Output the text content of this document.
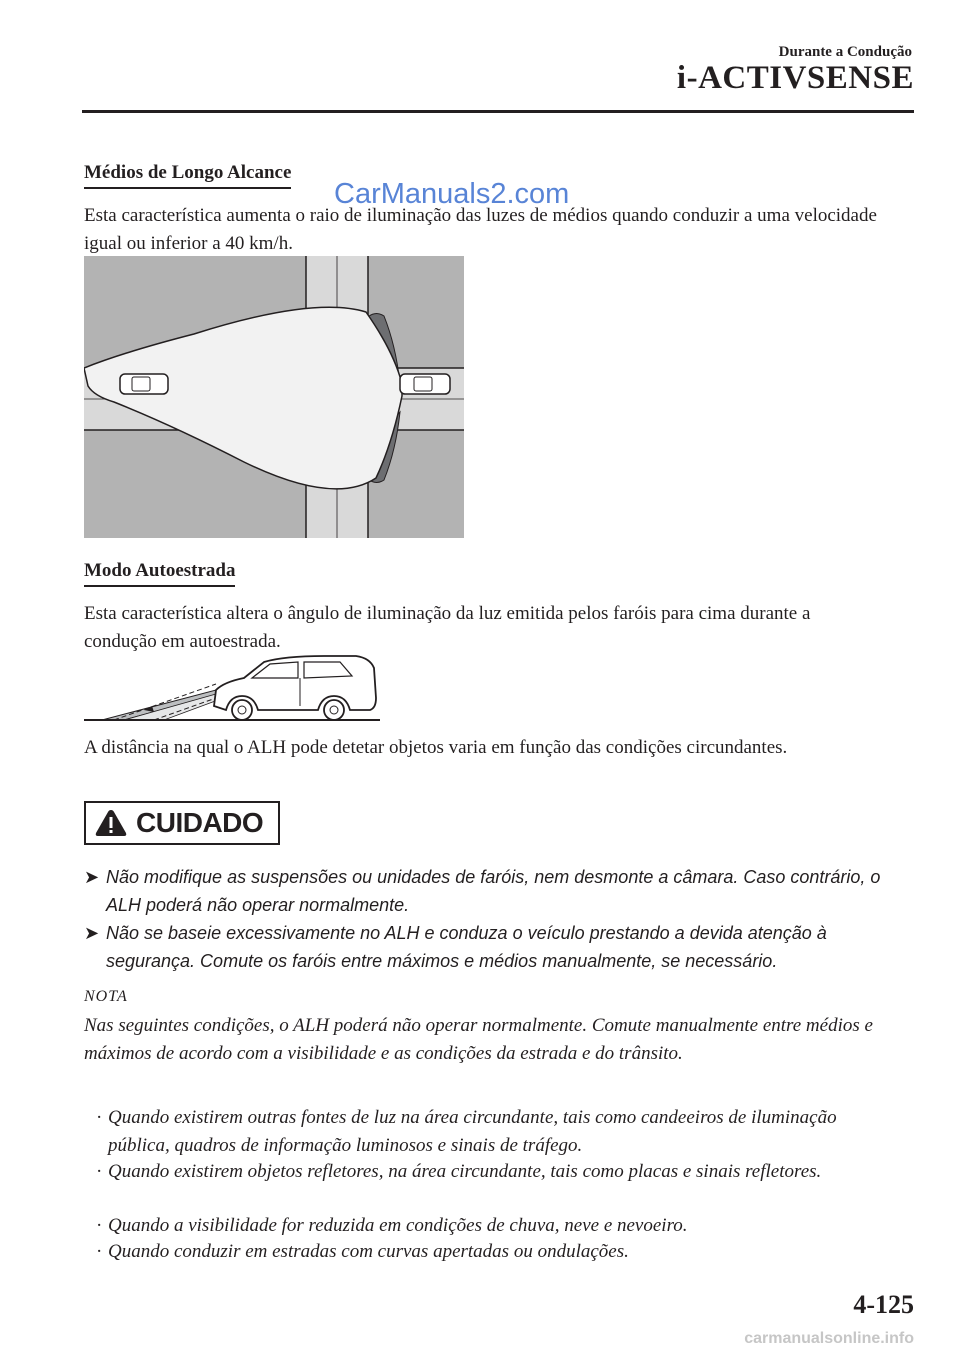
Durante a Condução
i-ACTIVSENSE
Médios de Longo Alcance
Esta característica aumenta o raio de iluminação das luzes de médios quando conduzir a uma velocidade igual ou inferior a 40 km/h.
CarManuals2.com
Modo Autoestrada
Esta característica altera o ângulo de iluminação da luz emitida pelos faróis para cima durante a condução em autoestrada.
A distância na qual o ALH pode detetar objetos varia em função das condições circundantes.
CUIDADO
➤ Não modifique as suspensões ou unidades de faróis, nem desmonte a câmara. Caso contrário, o ALH poderá não operar normalmente.
➤ Não se baseie excessivamente no ALH e conduza o veículo prestando a devida atenção à segurança. Comute os faróis entre máximos e médios manualmente, se necessário.
NOTA
Nas seguintes condições, o ALH poderá não operar normalmente. Comute manualmente entre médios e máximos de acordo com a visibilidade e as condições da estrada e do trânsito.
· Quando existirem outras fontes de luz na área circundante, tais como candeeiros de iluminação pública, quadros de informação luminosos e sinais de tráfego.
· Quando existirem objetos refletores, na área circundante, tais como placas e sinais refletores.
· Quando a visibilidade for reduzida em condições de chuva, neve e nevoeiro.
· Quando conduzir em estradas com curvas apertadas ou ondulações.
4-125
carmanualsonline.info
